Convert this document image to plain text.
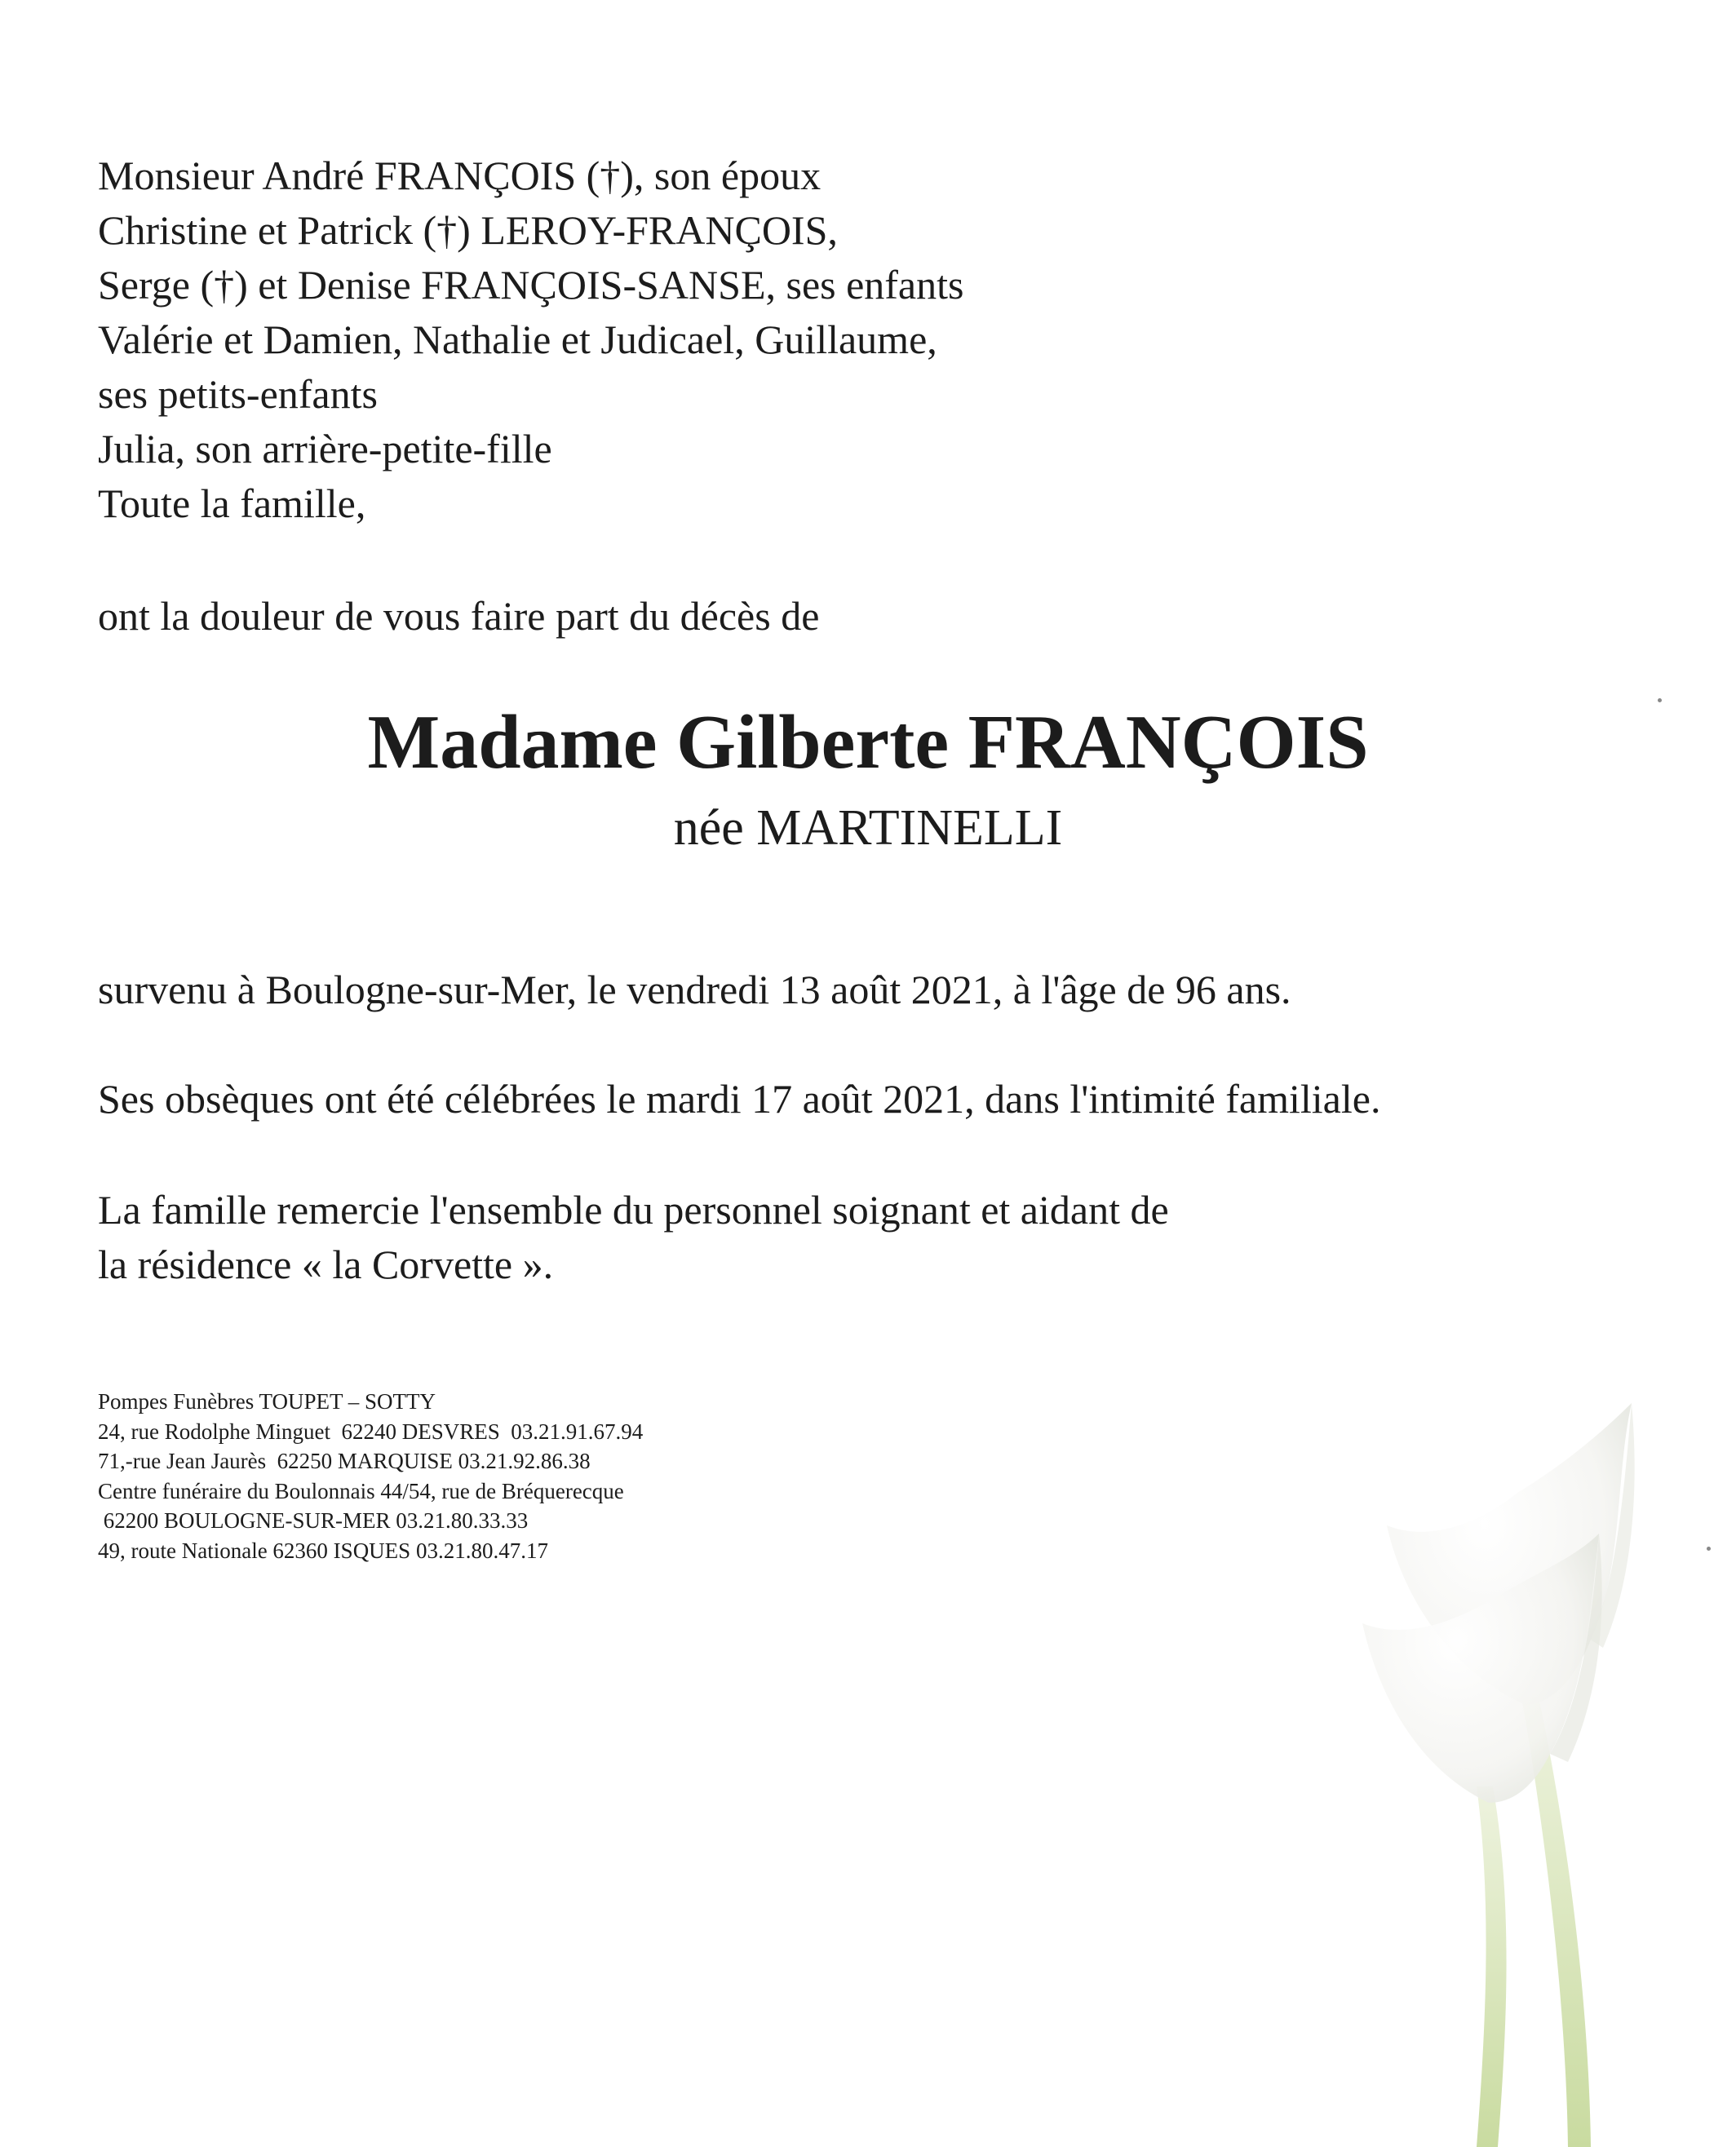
Monsieur André FRANÇOIS (†), son époux
Christine et Patrick (†) LEROY-FRANÇOIS,
Serge (†) et Denise FRANÇOIS-SANSE, ses enfants
Valérie et Damien, Nathalie et Judicael, Guillaume,
ses petits-enfants
Julia, son arrière-petite-fille
Toute la famille,
ont la douleur de vous faire part du décès de
Madame Gilberte FRANÇOIS
née MARTINELLI
survenu à Boulogne-sur-Mer, le vendredi 13 août 2021, à l'âge de 96 ans.
Ses obsèques ont été célébrées le mardi 17 août 2021, dans l'intimité familiale.
La famille remercie l'ensemble du personnel soignant et aidant de
la résidence « la Corvette ».
Pompes Funèbres TOUPET – SOTTY
24, rue Rodolphe Minguet  62240 DESVRES  03.21.91.67.94
71,-rue Jean Jaurès  62250 MARQUISE 03.21.92.86.38
Centre funéraire du Boulonnais 44/54, rue de Bréquerecque
62200 BOULOGNE-SUR-MER 03.21.80.33.33
49, route Nationale 62360 ISQUES 03.21.80.47.17
